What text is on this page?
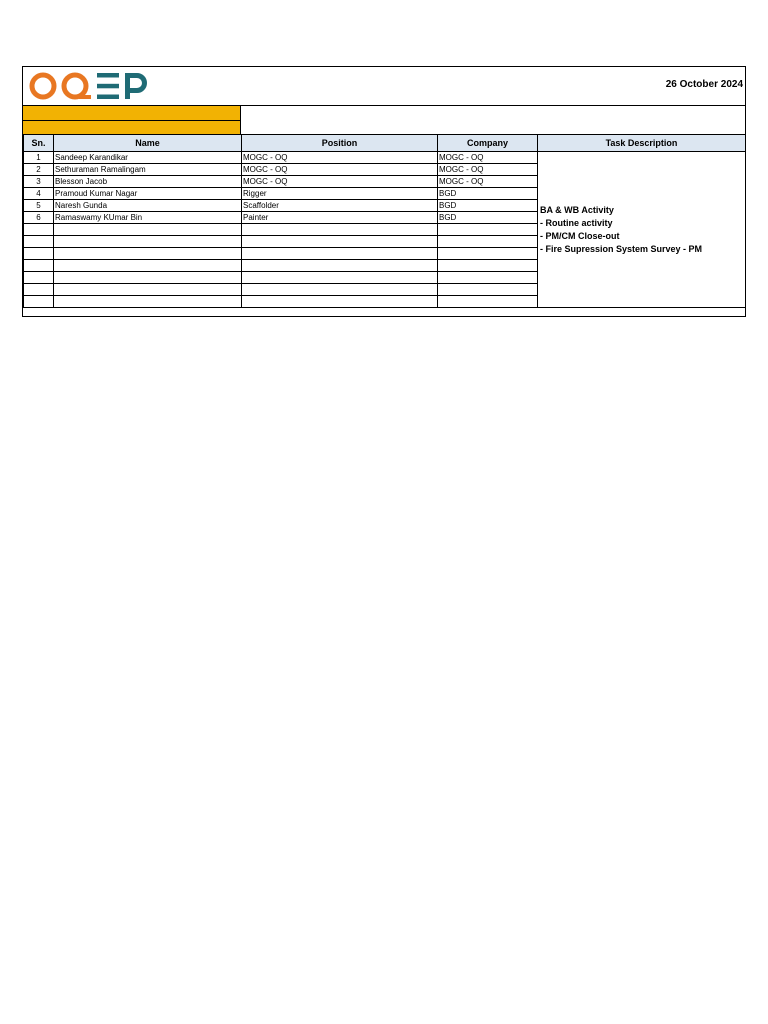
26 October 2024
Sn.	Name	Position	Company	Task Description
1	Sandeep Karandikar	MOGC - OQ	MOGC - OQ	BA & WB Activity
- Routine activity
- PM/CM Close-out
- Fire Supression System Survey - PM

2	Sethuraman Ramalingam	MOGC - OQ	MOGC - OQ	
3	Blesson Jacob	MOGC - OQ	MOGC - OQ	
4	Pramoud Kumar Nagar	Rigger	BGD	
5	Naresh Gunda	Scaffolder	BGD	
6	Ramaswamy KUmar Bin	Painter	BGD	
